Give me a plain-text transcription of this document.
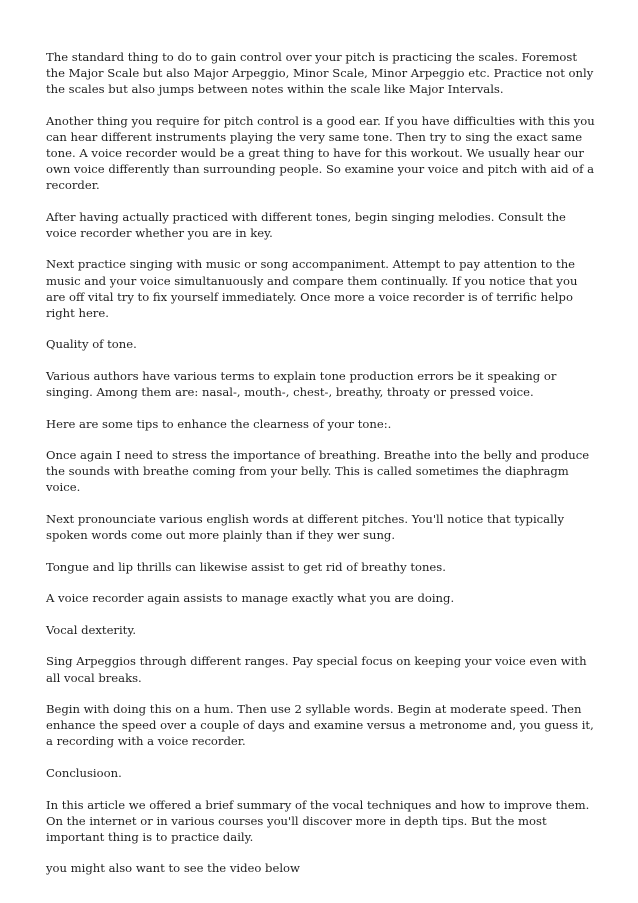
The standard thing to do to gain control over your pitch is practicing the scales. Foremost the Major Scale but also Major Arpeggio, Minor Scale, Minor Arpeggio etc. Practice not only the scales but also jumps between notes within the scale like Major Intervals.

Another thing you require for pitch control is a good ear. If you have difficulties with this you can hear different instruments playing the very same tone. Then try to sing the exact same tone. A voice recorder would be a great thing to have for this workout. We usually hear our own voice differently than surrounding people. So examine your voice and pitch with aid of a recorder.

After having actually practiced with different tones, begin singing melodies. Consult the voice recorder whether you are in key.

Next practice singing with music or song accompaniment. Attempt to pay attention to the music and your voice simultanuously and compare them continually. If you notice that you are off vital try to fix yourself immediately. Once more a voice recorder is of terrific helpo right here.

Quality of tone.

Various authors have various terms to explain tone production errors be it speaking or singing. Among them are: nasal-, mouth-, chest-, breathy, throaty or pressed voice.

Here are some tips to enhance the clearness of your tone:.

Once again I need to stress the importance of breathing. Breathe into the belly and produce the sounds with breathe coming from your belly. This is called sometimes the diaphragm voice.

Next pronounciate various english words at different pitches. You'll notice that typically spoken words come out more plainly than if they wer sung.

Tongue and lip thrills can likewise assist to get rid of breathy tones.

A voice recorder again assists to manage exactly what you are doing.

Vocal dexterity.

Sing Arpeggios through different ranges. Pay special focus on keeping your voice even with all vocal breaks.

Begin with doing this on a hum. Then use 2 syllable words. Begin at moderate speed. Then enhance the speed over a couple of days and examine versus a metronome and, you guess it, a recording with a voice recorder.

Conclusioon.

In this article we offered a brief summary of the vocal techniques and how to improve them. On the internet or in various courses you'll discover more in depth tips. But the most important thing is to practice daily.

you might also want to see the video below
